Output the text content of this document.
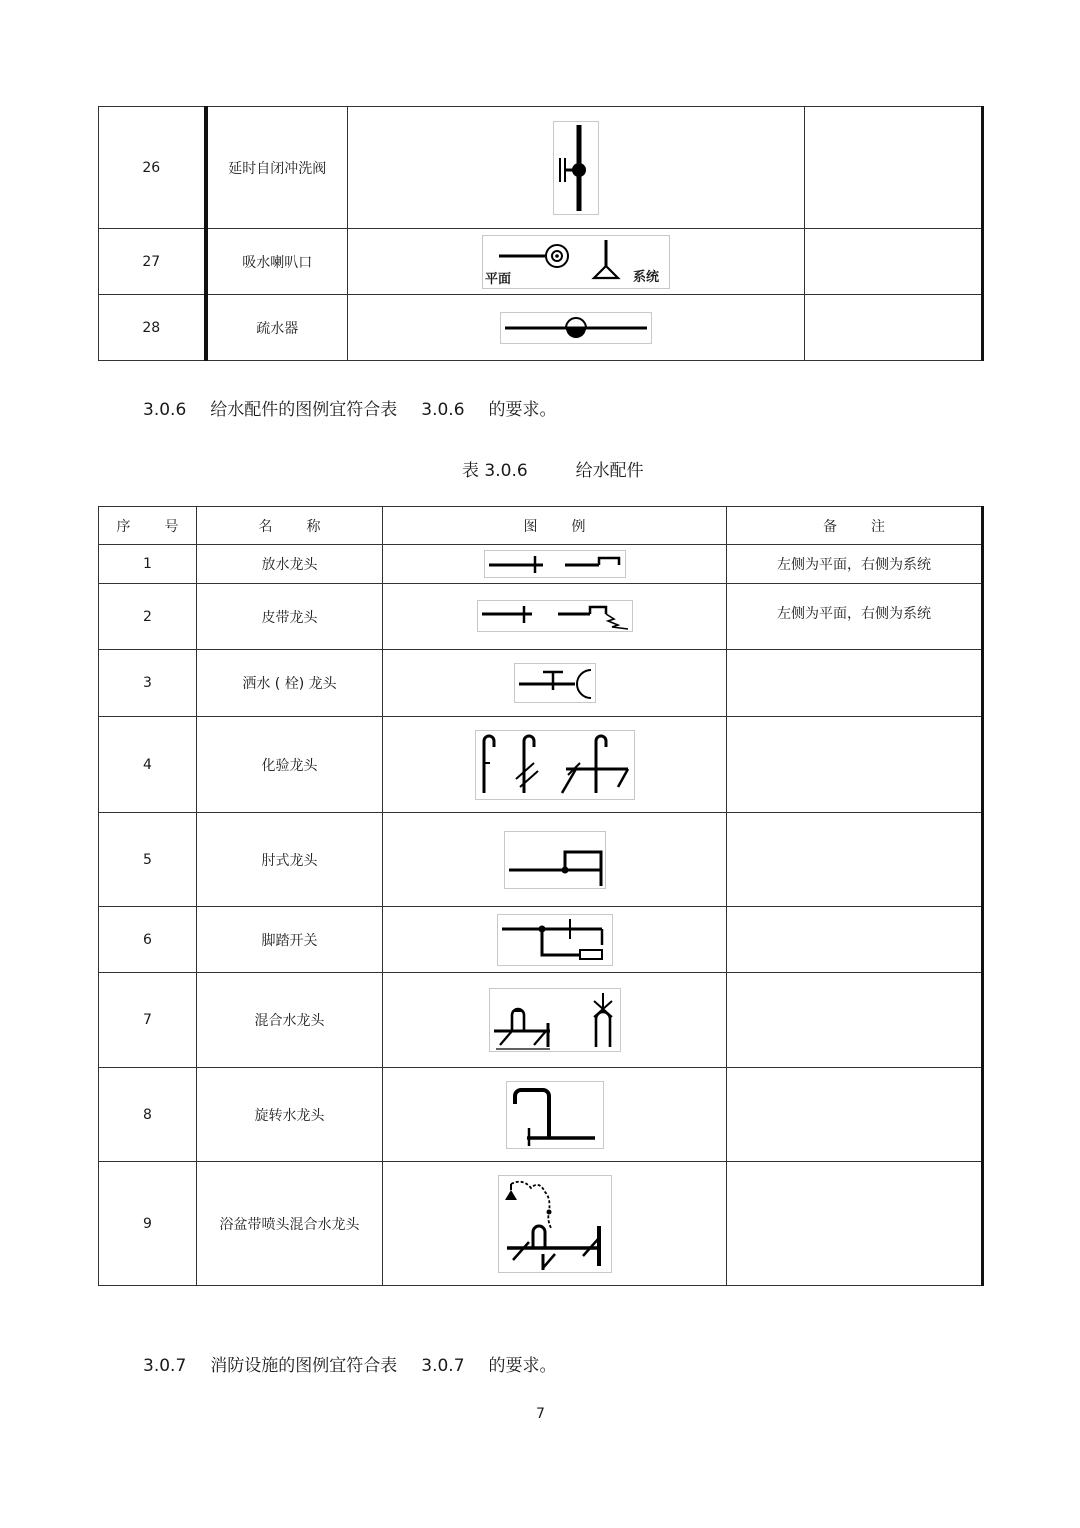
26	延时自闭冲洗阀	

27	吸水喇叭口	平面 系统	

28	疏水器	

3.0.6 给水配件的图例宜符合表 3.0.6 的要求。
表 3.0.6	给水配件
序 号	名 称	图 例	备 注
1	放水龙头		左侧为平面，右侧为系统
2	皮带龙头		左侧为平面，右侧为系统
3	洒水 ( 栓) 龙头	

4	化验龙头	

5	肘式龙头	

6	脚踏开关	

7	混合水龙头	

8	旋转水龙头	

9	浴盆带喷头混合水龙头	

3.0.7 消防设施的图例宜符合表 3.0.7 的要求。
7
